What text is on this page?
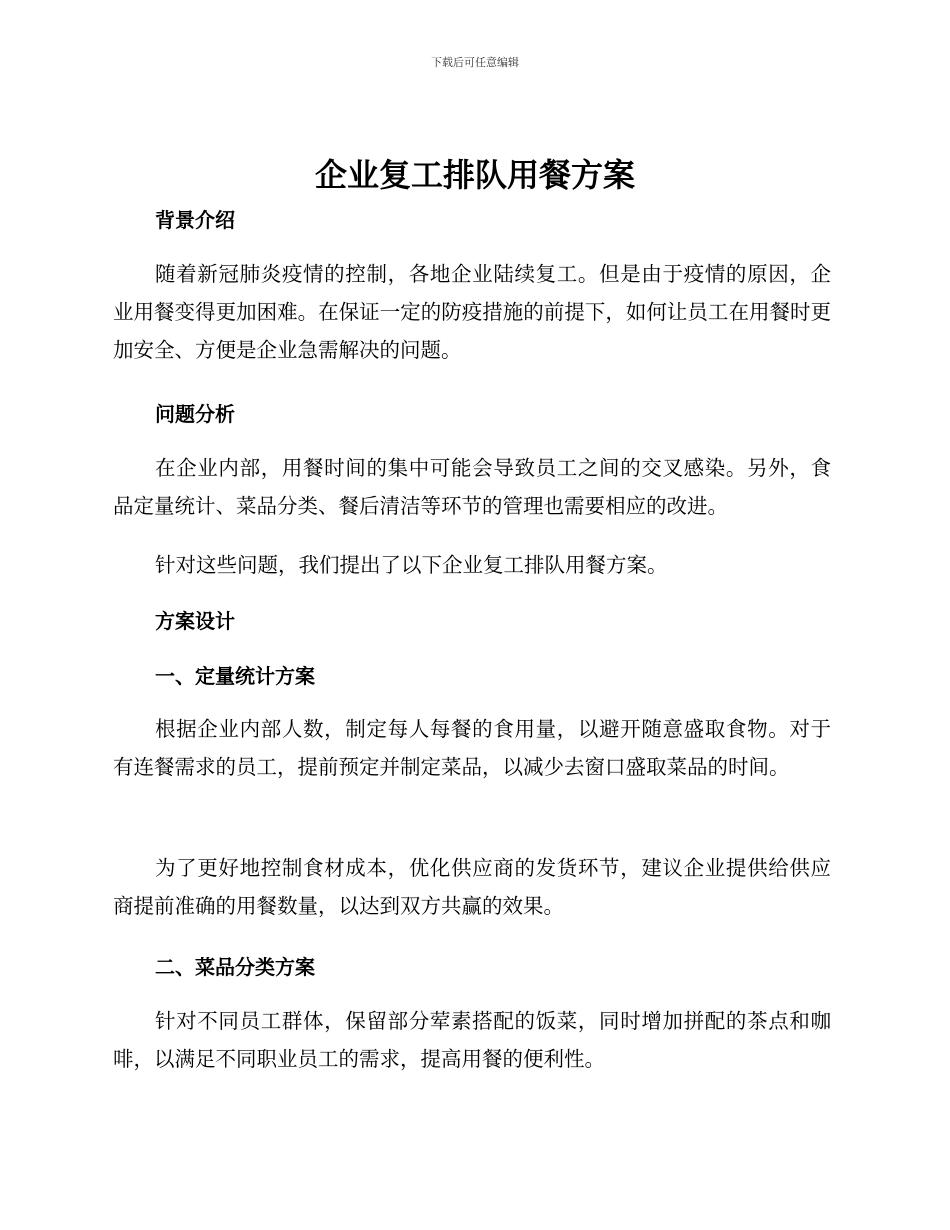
下载后可任意编辑
企业复工排队用餐方案
背景介绍

随着新冠肺炎疫情的控制，各地企业陆续复工。但是由于疫情的原因，企业用餐变得更加困难。在保证一定的防疫措施的前提下，如何让员工在用餐时更加安全、方便是企业急需解决的问题。

问题分析

在企业内部，用餐时间的集中可能会导致员工之间的交叉感染。另外，食品定量统计、菜品分类、餐后清洁等环节的管理也需要相应的改进。

针对这些问题，我们提出了以下企业复工排队用餐方案。

方案设计
一、定量统计方案

根据企业内部人数，制定每人每餐的食用量，以避开随意盛取食物。对于有连餐需求的员工，提前预定并制定菜品，以减少去窗口盛取菜品的时间。

为了更好地控制食材成本，优化供应商的发货环节，建议企业提供给供应商提前准确的用餐数量，以达到双方共赢的效果。

二、菜品分类方案

针对不同员工群体，保留部分荤素搭配的饭菜，同时增加拼配的茶点和咖啡，以满足不同职业员工的需求，提高用餐的便利性。
